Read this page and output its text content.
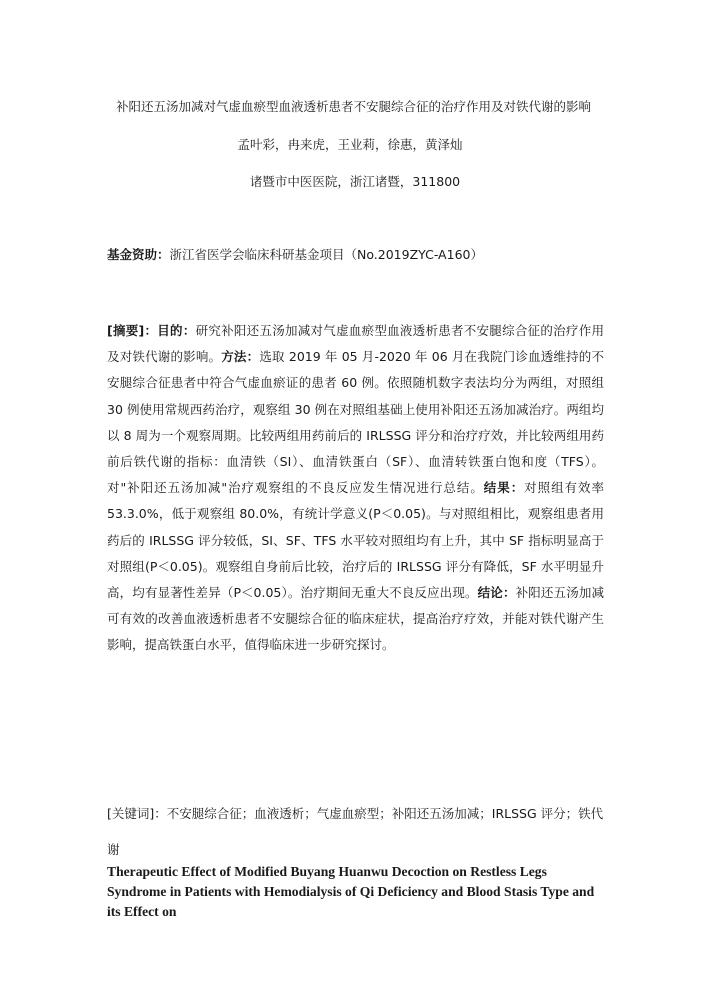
补阳还五汤加减对气虚血瘀型血液透析患者不安腿综合征的治疗作用及对铁代谢的影响
孟叶彩，冉来虎，王业莉，徐惠，黄泽灿
诸暨市中医医院，浙江诸暨，311800
基金资助：浙江省医学会临床科研基金项目（No.2019ZYC-A160）
[摘要]：目的：研究补阳还五汤加减对气虚血瘀型血液透析患者不安腿综合征的治疗作用及对铁代谢的影响。方法：选取 2019 年 05 月-2020 年 06 月在我院门诊血透维持的不安腿综合征患者中符合气虚血瘀证的患者 60 例。依照随机数字表法均分为两组，对照组 30 例使用常规西药治疗，观察组 30 例在对照组基础上使用补阳还五汤加减治疗。两组均以 8 周为一个观察周期。比较两组用药前后的 IRLSSG 评分和治疗疗效，并比较两组用药前后铁代谢的指标：血清铁（SI）、血清铁蛋白（SF）、血清转铁蛋白饱和度（TFS）。对"补阳还五汤加减"治疗观察组的不良反应发生情况进行总结。结果：对照组有效率 53.3.0%，低于观察组 80.0%，有统计学意义(P＜0.05)。与对照组相比，观察组患者用药后的 IRLSSG 评分较低，SI、SF、TFS 水平较对照组均有上升，其中 SF 指标明显高于对照组(P＜0.05)。观察组自身前后比较，治疗后的 IRLSSG 评分有降低，SF 水平明显升高，均有显著性差异（P＜0.05）。治疗期间无重大不良反应出现。结论：补阳还五汤加减可有效的改善血液透析患者不安腿综合征的临床症状，提高治疗疗效，并能对铁代谢产生影响，提高铁蛋白水平，值得临床进一步研究探讨。
[关键词]：不安腿综合征；血液透析；气虚血瘀型；补阳还五汤加减；IRLSSG 评分；铁代谢
Therapeutic Effect of Modified Buyang Huanwu Decoction on Restless Legs Syndrome in Patients with Hemodialysis of Qi Deficiency and Blood Stasis Type and its Effect on
